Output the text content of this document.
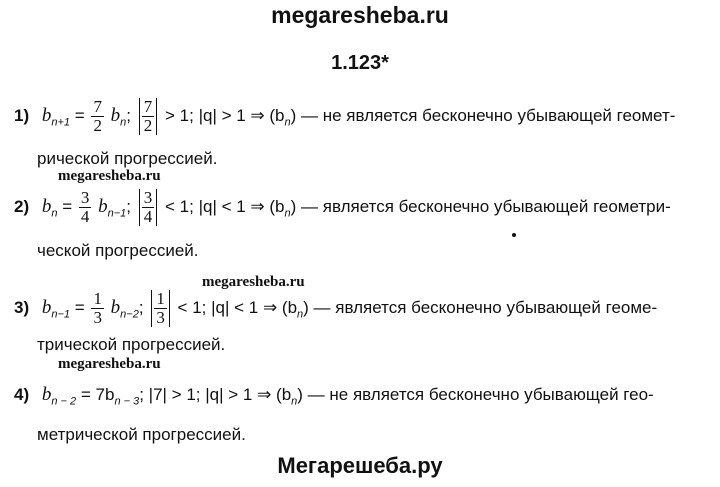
megaresheba.ru
1.123*
1) $b_{n+1} = \frac{7}{2} b_n$; $\frac{7}{2} > 1$; |q| > 1 ⇒ $(b_n)$ — не является бесконечно убывающей геомет-
рической прогрессией.
megaresheba.ru
2) $b_n = \frac{3}{4} b_{n-1}$; $\frac{3}{4} < 1$; |q| < 1 ⇒ $(b_n)$ — является бесконечно убывающей геометри-
ческой прогрессией.
megaresheba.ru
3) $b_{n-1} = \frac{1}{3} b_{n-2}$; $\frac{1}{3} < 1$; |q| < 1 ⇒ $(b_n)$ — является бесконечно убывающей геоме-
трической прогрессией.
megaresheba.ru
4) $b_{n - 2} = 7b_{n - 3}$; |7| > 1; |q| > 1 ⇒ $(b_n)$ — не является бесконечно убывающей гео-
метрической прогрессией.
Мегарешеба.ру
